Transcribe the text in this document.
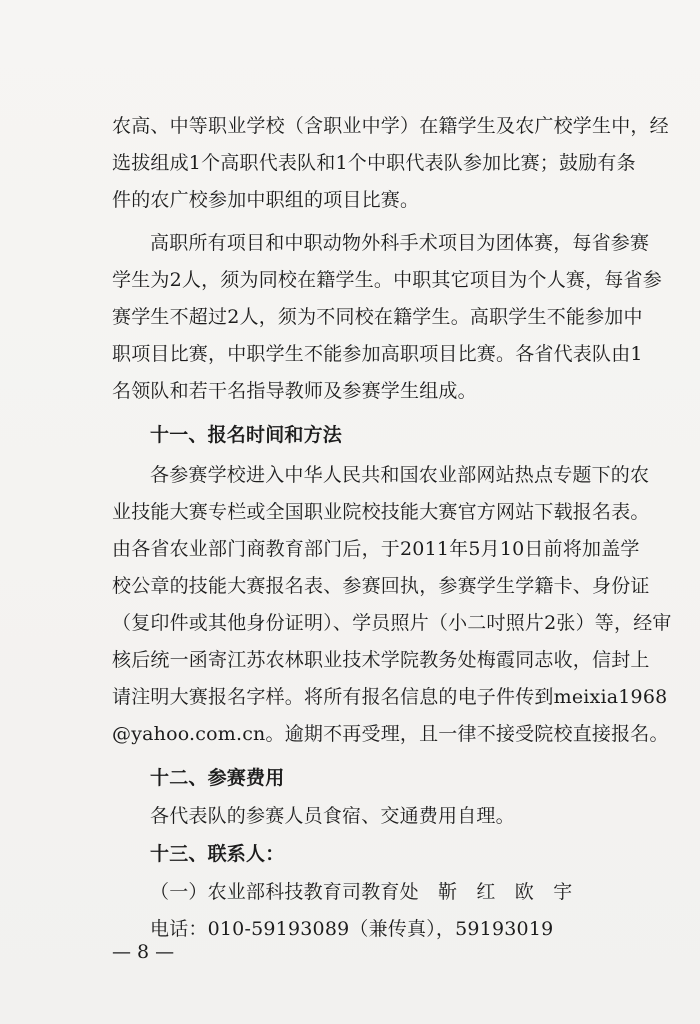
农高、中等职业学校（含职业中学）在籍学生及农广校学生中，经
选拔组成1个高职代表队和1个中职代表队参加比赛；鼓励有条
件的农广校参加中职组的项目比赛。
高职所有项目和中职动物外科手术项目为团体赛，每省参赛
学生为2人，须为同校在籍学生。中职其它项目为个人赛，每省参
赛学生不超过2人，须为不同校在籍学生。高职学生不能参加中
职项目比赛，中职学生不能参加高职项目比赛。各省代表队由1
名领队和若干名指导教师及参赛学生组成。
十一、报名时间和方法
各参赛学校进入中华人民共和国农业部网站热点专题下的农
业技能大赛专栏或全国职业院校技能大赛官方网站下载报名表。
由各省农业部门商教育部门后，于2011年5月10日前将加盖学
校公章的技能大赛报名表、参赛回执，参赛学生学籍卡、身份证
（复印件或其他身份证明）、学员照片（小二吋照片2张）等，经审
核后统一函寄江苏农林职业技术学院教务处梅霞同志收，信封上
请注明大赛报名字样。将所有报名信息的电子件传到meixia1968
@yahoo.com.cn。逾期不再受理，且一律不接受院校直接报名。
十二、参赛费用
各代表队的参赛人员食宿、交通费用自理。
十三、联系人：
（一）农业部科技教育司教育处　靳　红　欧　宇
电话：010-59193089（兼传真），59193019
— 8 —
